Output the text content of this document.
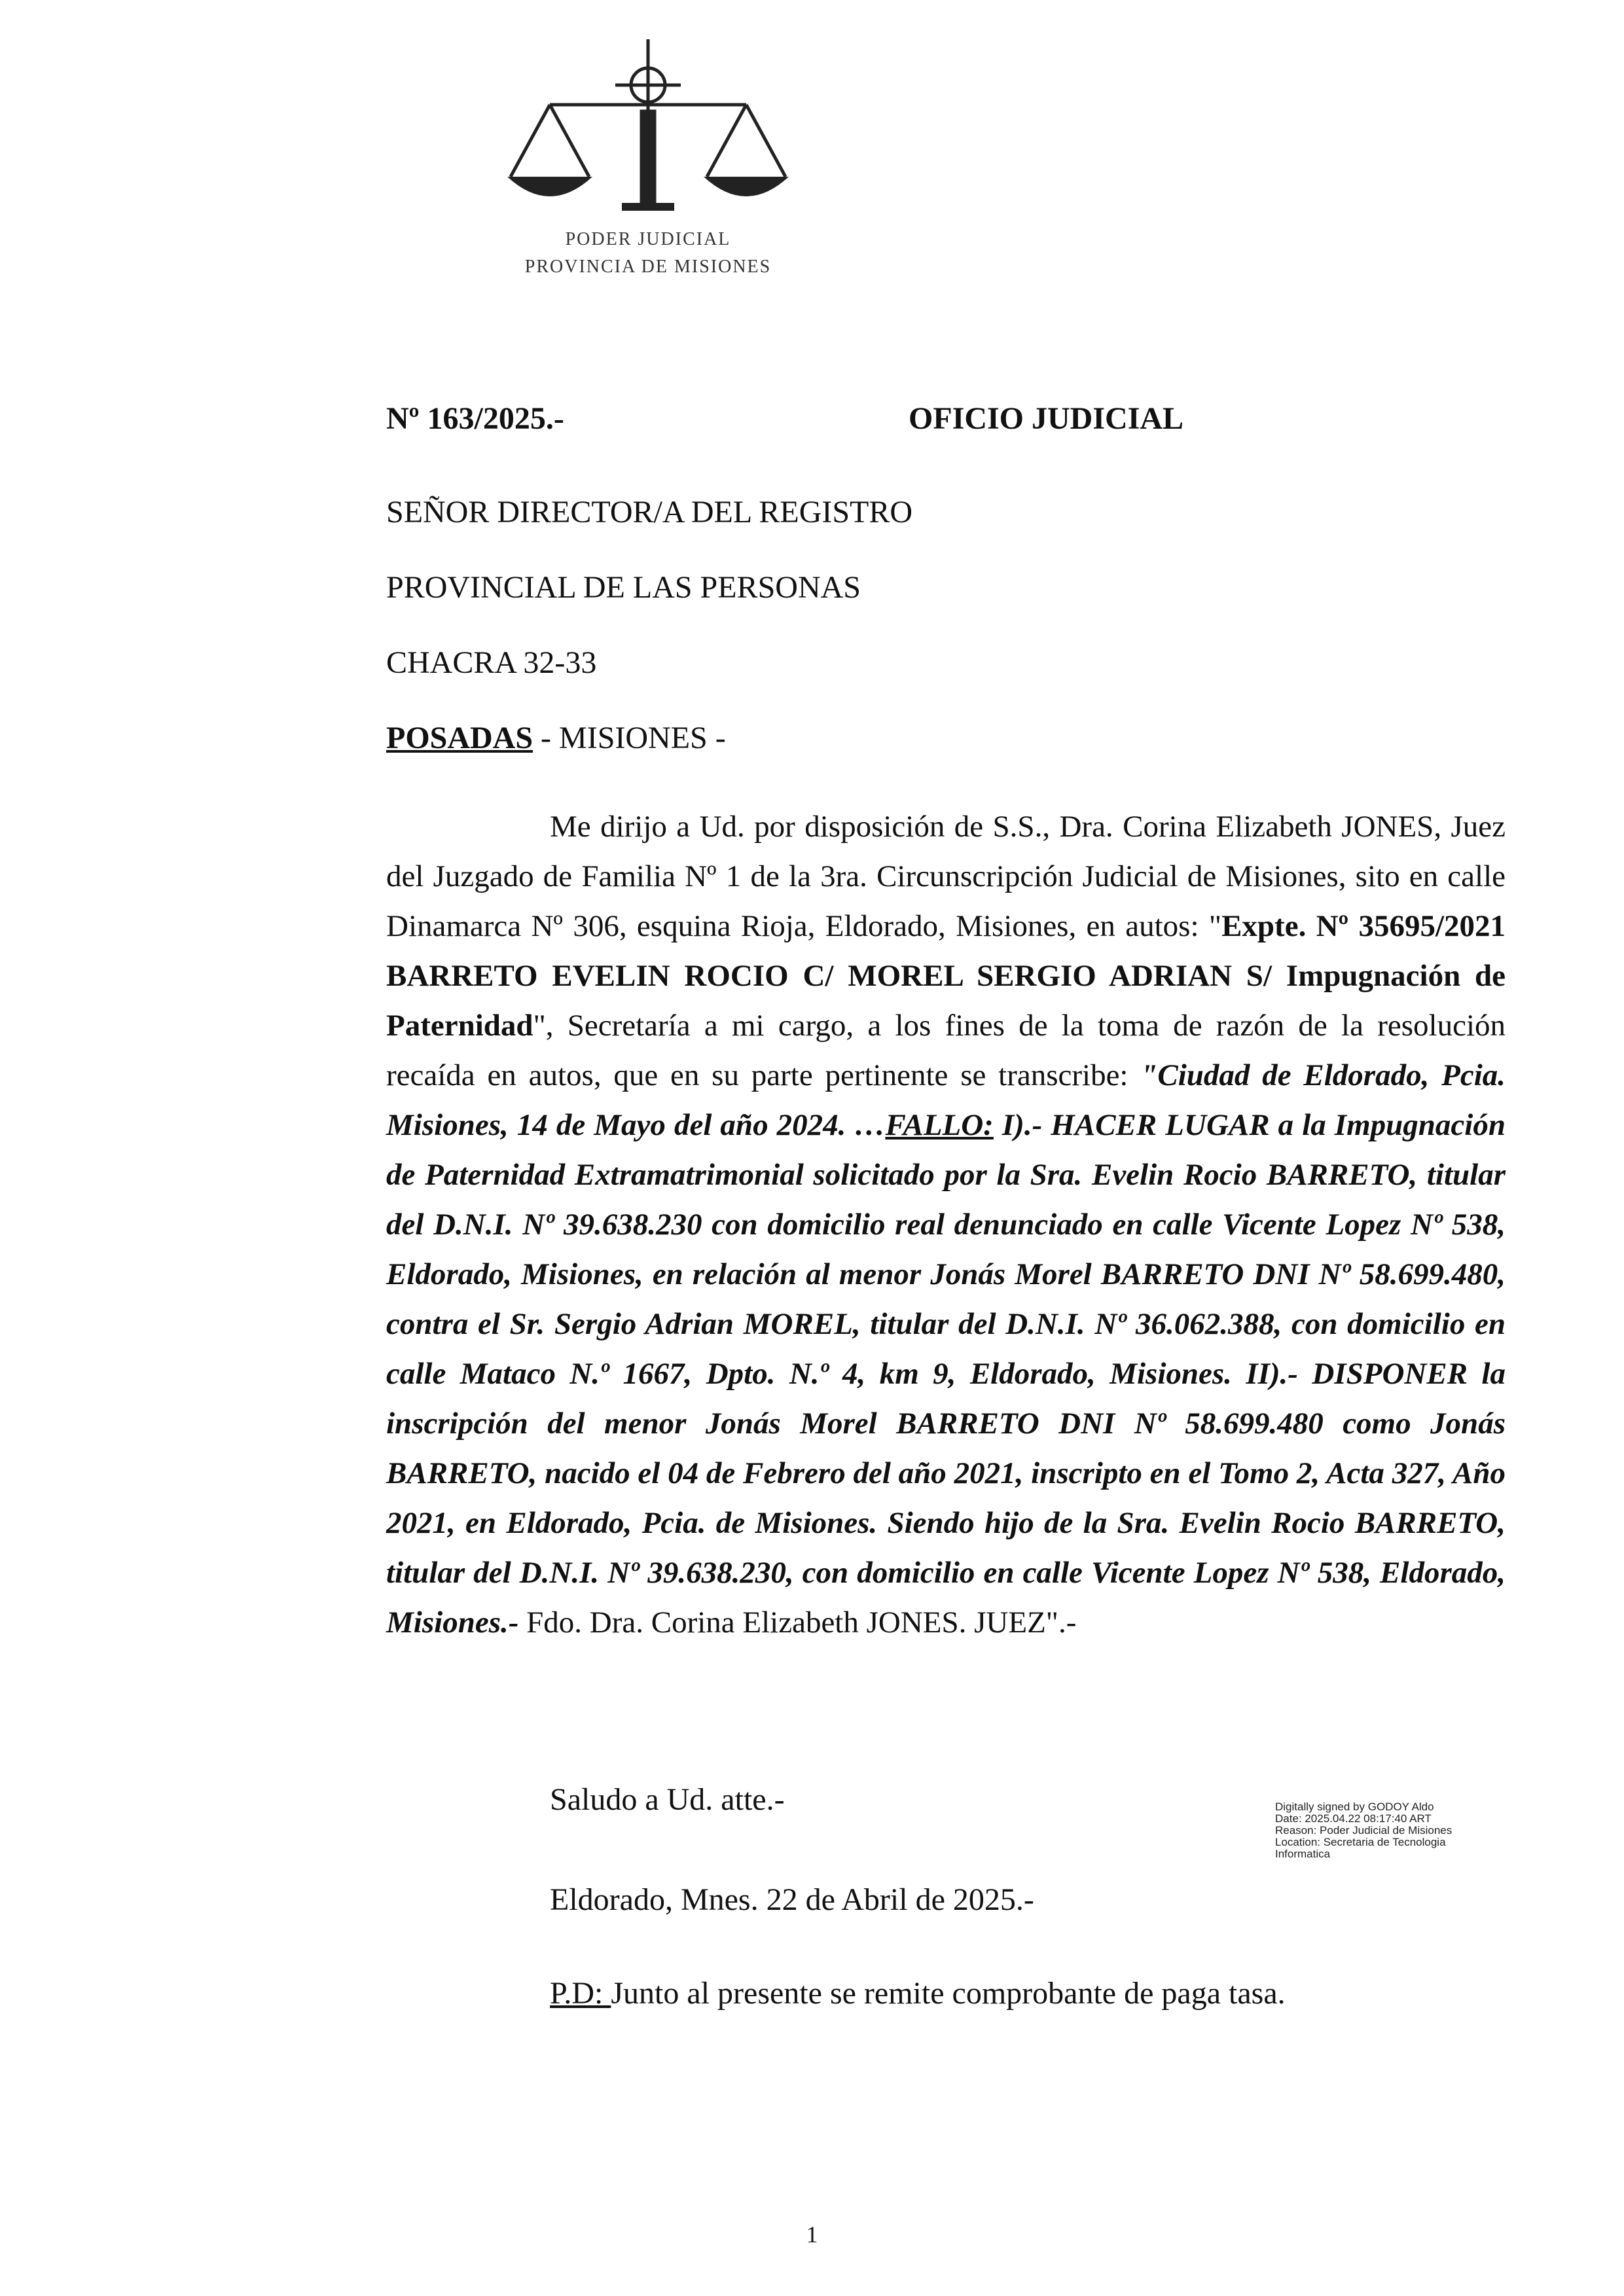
PODER JUDICIAL
PROVINCIA DE MISIONES
Nº 163/2025.-	OFICIO JUDICIAL
SEÑOR DIRECTOR/A DEL REGISTRO
PROVINCIAL DE LAS PERSONAS
CHACRA 32-33
POSADAS - MISIONES -
Me dirijo a Ud. por disposición de S.S., Dra. Corina Elizabeth JONES, Juez del Juzgado de Familia Nº 1 de la 3ra. Circunscripción Judicial de Misiones, sito en calle Dinamarca Nº 306, esquina Rioja, Eldorado, Misiones, en autos: "Expte. Nº 35695/2021 BARRETO EVELIN ROCIO C/ MOREL SERGIO ADRIAN S/ Impugnación de Paternidad", Secretaría a mi cargo, a los fines de la toma de razón de la resolución recaída en autos, que en su parte pertinente se transcribe: "Ciudad de Eldorado, Pcia. Misiones, 14 de Mayo del año 2024. …FALLO: I).- HACER LUGAR a la Impugnación de Paternidad Extramatrimonial solicitado por la Sra. Evelin Rocio BARRETO, titular del D.N.I. Nº 39.638.230 con domicilio real denunciado en calle Vicente Lopez Nº 538, Eldorado, Misiones, en relación al menor Jonás Morel BARRETO DNI Nº 58.699.480, contra el Sr. Sergio Adrian MOREL, titular del D.N.I. Nº 36.062.388, con domicilio en calle Mataco N.º 1667, Dpto. N.º 4, km 9, Eldorado, Misiones. II).- DISPONER la inscripción del menor Jonás Morel BARRETO DNI Nº 58.699.480 como Jonás BARRETO, nacido el 04 de Febrero del año 2021, inscripto en el Tomo 2, Acta 327, Año 2021, en Eldorado, Pcia. de Misiones. Siendo hijo de la Sra. Evelin Rocio BARRETO, titular del D.N.I. Nº 39.638.230, con domicilio en calle Vicente Lopez Nº 538, Eldorado, Misiones.- Fdo. Dra. Corina Elizabeth JONES. JUEZ".-
Saludo a Ud. atte.-	Digitally signed by GODOY Aldo
Date: 2025.04.22 08:17:40 ART
Reason: Poder Judicial de Misiones
Location: Secretaria de Tecnologia
Informatica
Eldorado, Mnes. 22 de Abril de 2025.-
P.D: Junto al presente se remite comprobante de paga tasa.
1
